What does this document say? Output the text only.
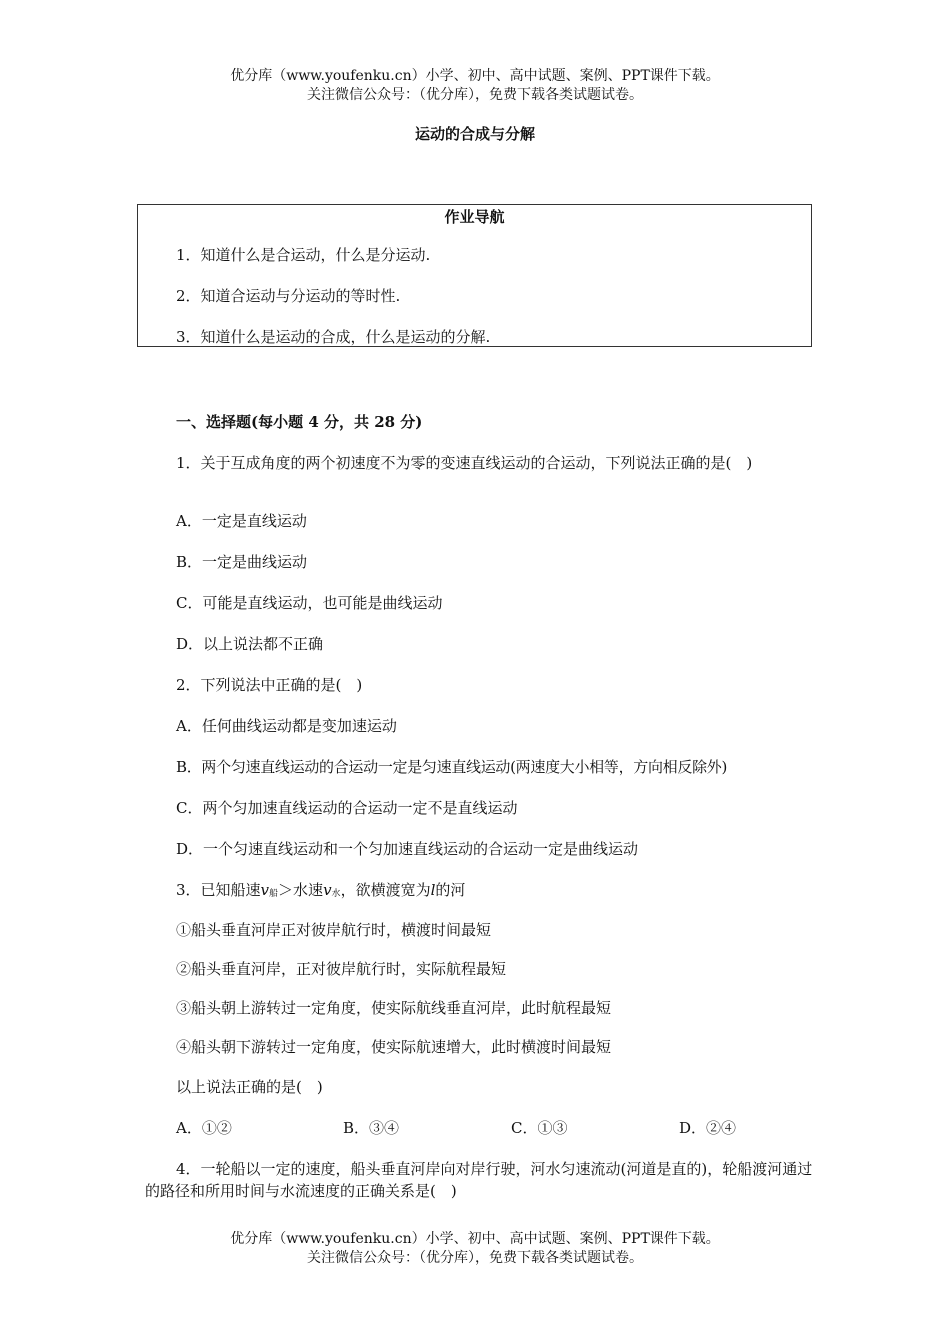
优分库（www.youfenku.cn）小学、初中、高中试题、案例、PPT课件下载。
关注微信公众号：（优分库），免费下载各类试题试卷。
运动的合成与分解
作业导航
1．知道什么是合运动，什么是分运动.
2．知道合运动与分运动的等时性.
3．知道什么是运动的合成，什么是运动的分解.
一、选择题(每小题 4 分，共 28 分)
1．关于互成角度的两个初速度不为零的变速直线运动的合运动，下列说法正确的是(　)
A．一定是直线运动
B．一定是曲线运动
C．可能是直线运动，也可能是曲线运动
D．以上说法都不正确
2．下列说法中正确的是(　)
A．任何曲线运动都是变加速运动
B．两个匀速直线运动的合运动一定是匀速直线运动(两速度大小相等，方向相反除外)
C．两个匀加速直线运动的合运动一定不是直线运动
D．一个匀速直线运动和一个匀加速直线运动的合运动一定是曲线运动
3．已知船速$v_船>$水速$v_水$，欲横渡宽为l的河
①船头垂直河岸正对彼岸航行时，横渡时间最短
②船头垂直河岸，正对彼岸航行时，实际航程最短
③船头朝上游转过一定角度，使实际航线垂直河岸，此时航程最短
④船头朝下游转过一定角度，使实际航速增大，此时横渡时间最短
以上说法正确的是(　)
A．①②	B．③④	C．①③	D．②④
4．一轮船以一定的速度，船头垂直河岸向对岸行驶，河水匀速流动(河道是直的)，轮船渡河通过的路径和所用时间与水流速度的正确关系是(　)
优分库（www.youfenku.cn）小学、初中、高中试题、案例、PPT课件下载。
关注微信公众号：（优分库），免费下载各类试题试卷。
